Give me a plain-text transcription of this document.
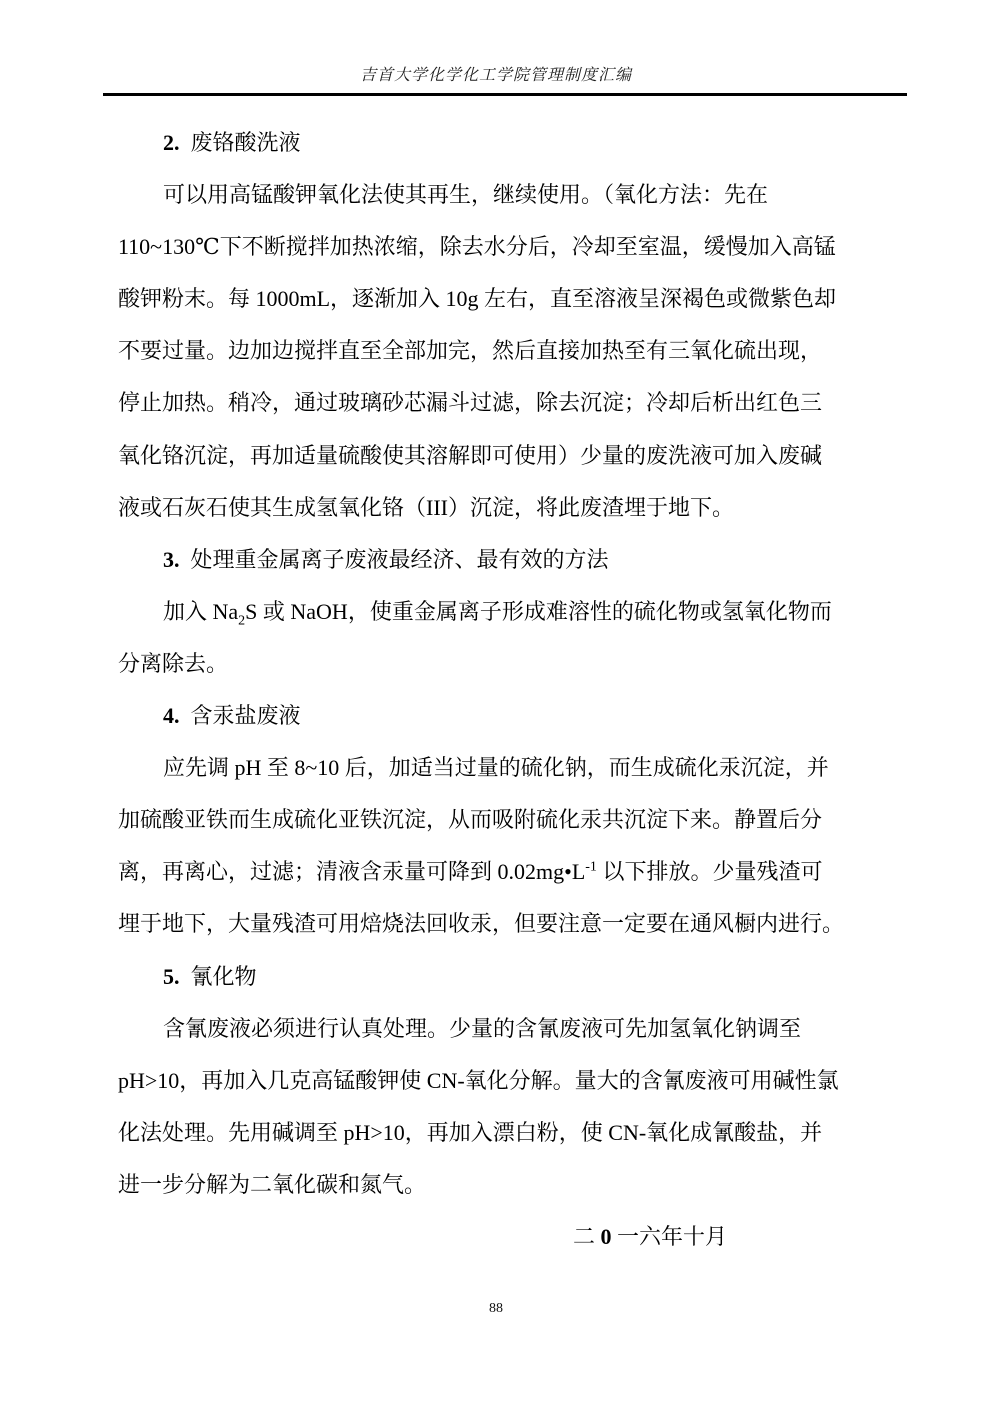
吉首大学化学化工学院管理制度汇编
2.  废铬酸洗液
可以用高锰酸钾氧化法使其再生，继续使用。（氧化方法：先在
110~130℃下不断搅拌加热浓缩，除去水分后，冷却至室温，缓慢加入高锰
酸钾粉末。每 1000mL，逐渐加入 10g 左右，直至溶液呈深褐色或微紫色却
不要过量。边加边搅拌直至全部加完，然后直接加热至有三氧化硫出现，
停止加热。稍冷，通过玻璃砂芯漏斗过滤，除去沉淀；冷却后析出红色三
氧化铬沉淀，再加适量硫酸使其溶解即可使用）少量的废洗液可加入废碱
液或石灰石使其生成氢氧化铬（III）沉淀，将此废渣埋于地下。
3.  处理重金属离子废液最经济、最有效的方法
加入 $Na_2S$ 或 NaOH，使重金属离子形成难溶性的硫化物或氢氧化物而
分离除去。
4.  含汞盐废液
应先调 pH 至 8~10 后，加适当过量的硫化钠，而生成硫化汞沉淀，并
加硫酸亚铁而生成硫化亚铁沉淀，从而吸附硫化汞共沉淀下来。静置后分
离，再离心，过滤；清液含汞量可降到 $0.02mg•L^{-1}$ 以下排放。少量残渣可
埋于地下，大量残渣可用焙烧法回收汞，但要注意一定要在通风橱内进行。
5.  氰化物
含氰废液必须进行认真处理。少量的含氰废液可先加氢氧化钠调至
pH>10，再加入几克高锰酸钾使 CN-氧化分解。量大的含氰废液可用碱性氯
化法处理。先用碱调至 pH>10，再加入漂白粉，使 CN-氧化成氰酸盐，并
进一步分解为二氧化碳和氮气。
二 0 一六年十月
88
